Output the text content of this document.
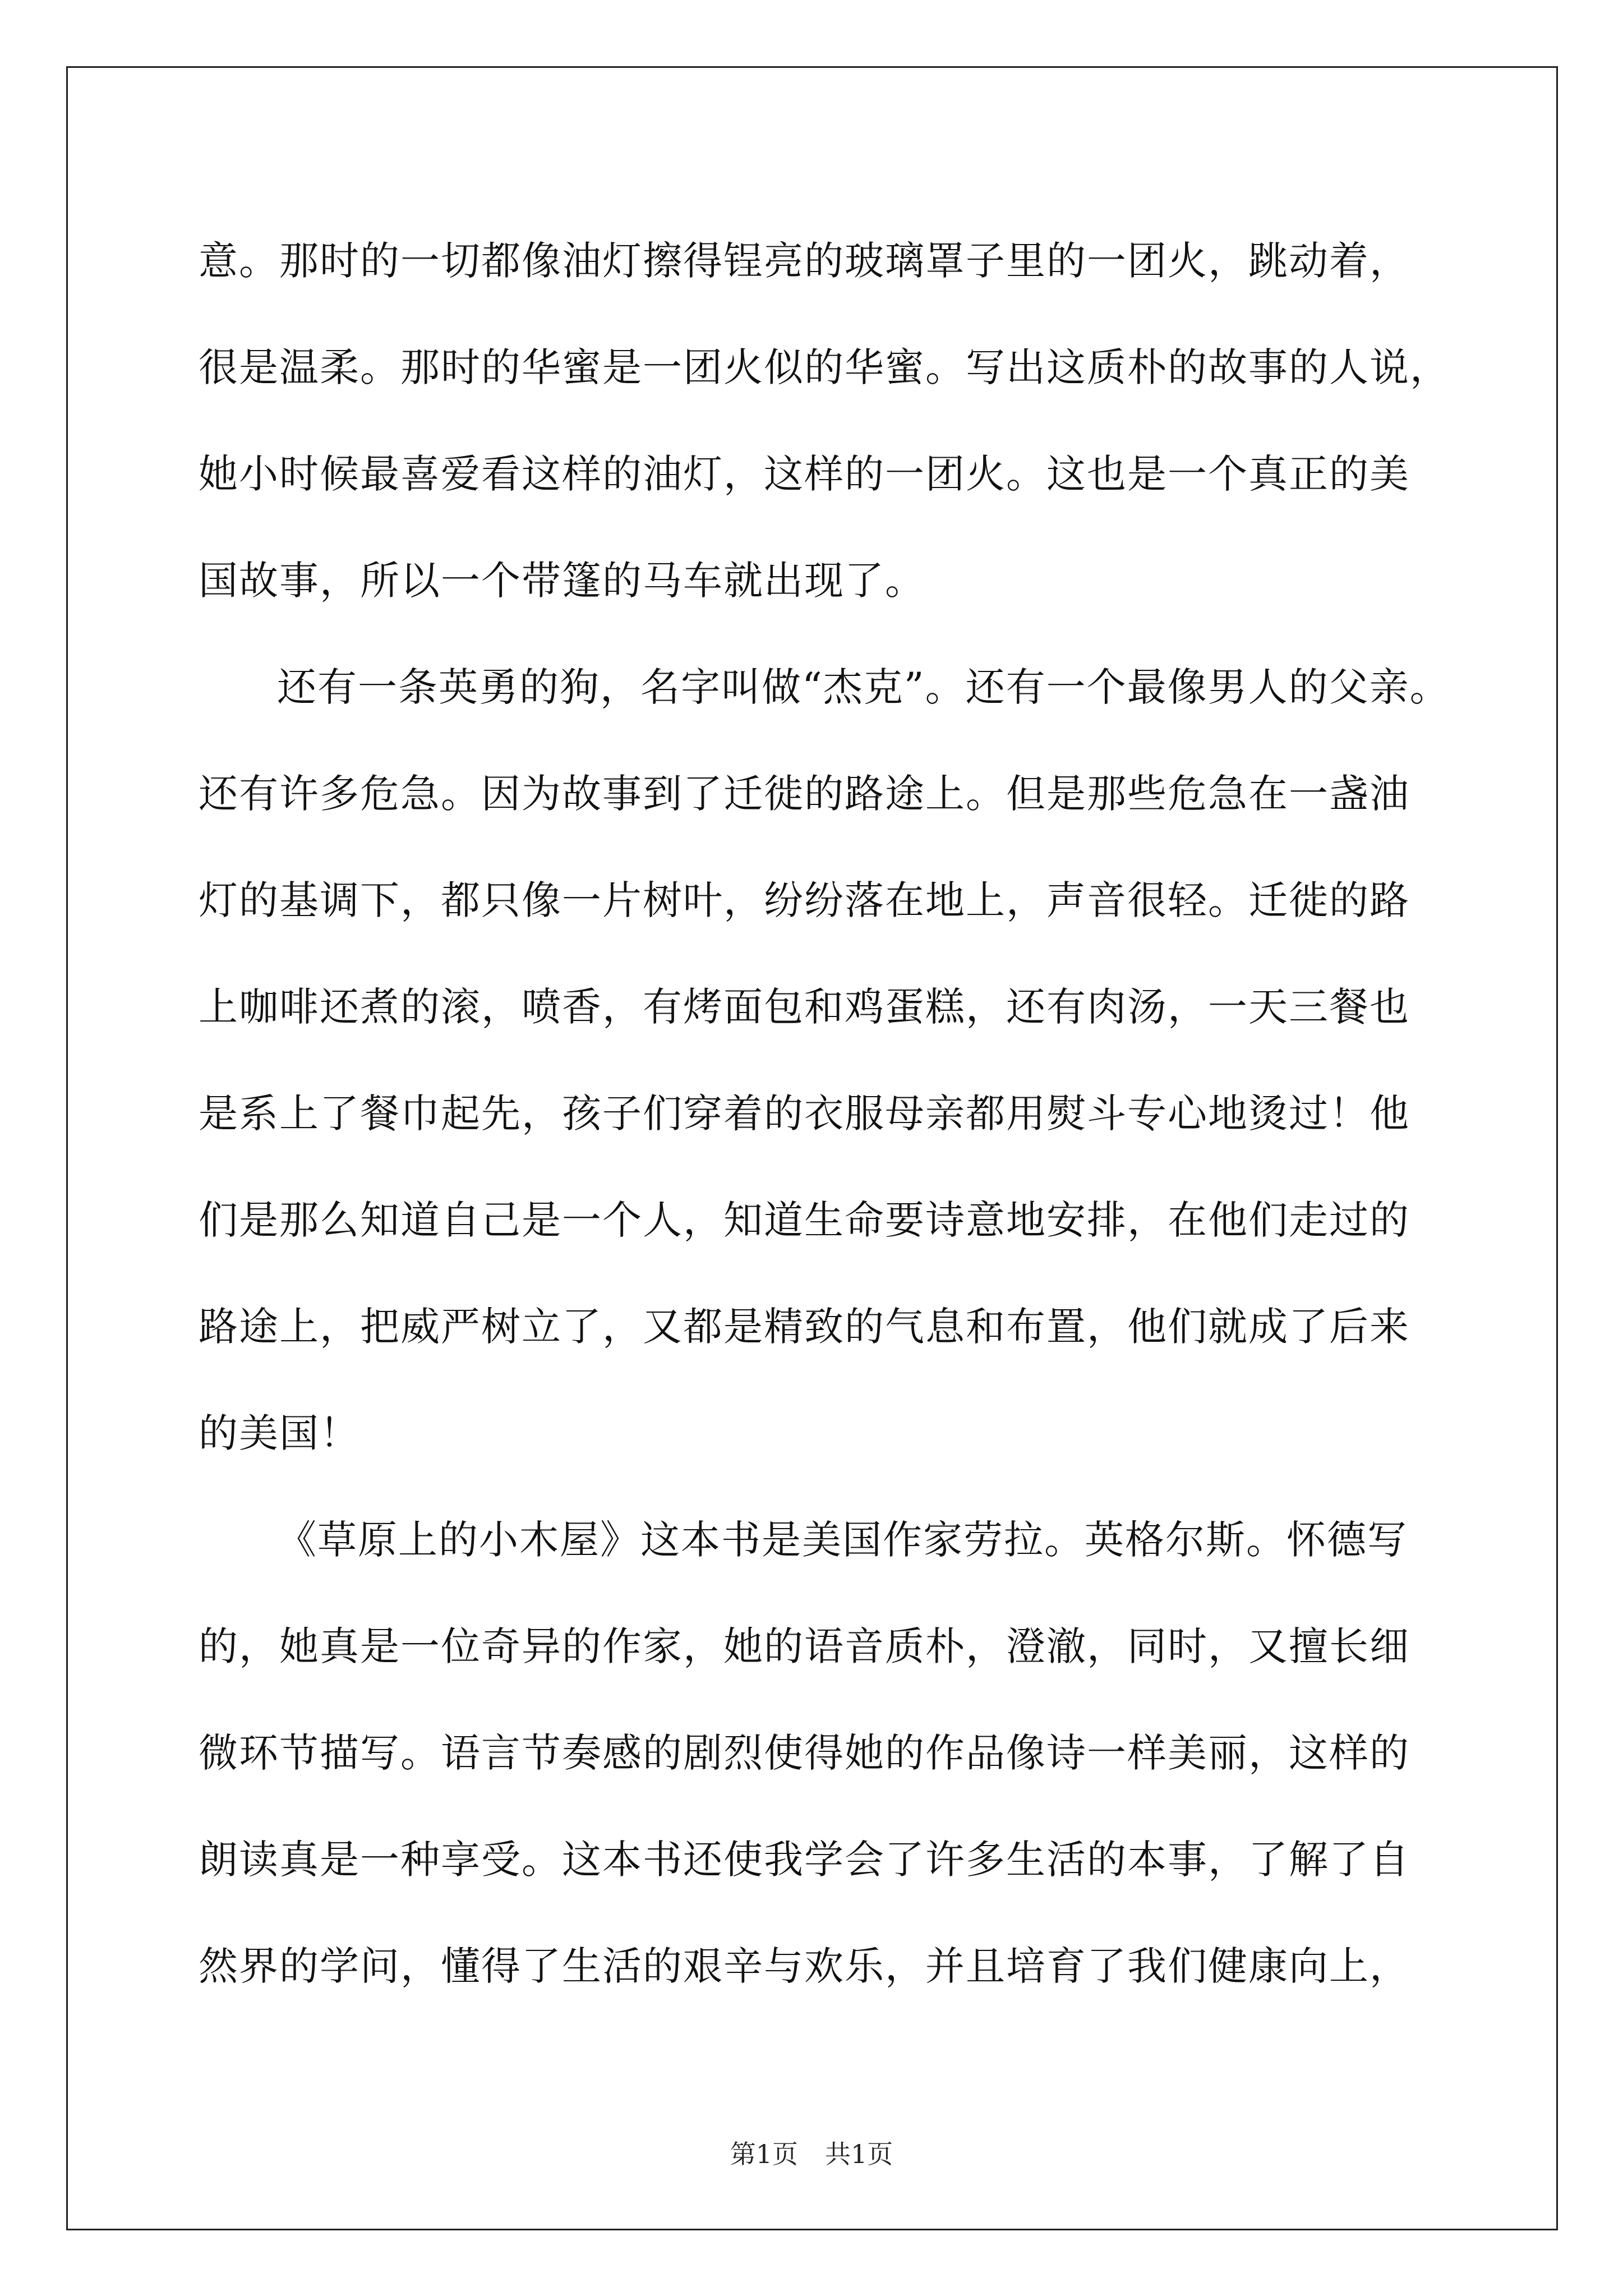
意。那时的一切都像油灯擦得锃亮的玻璃罩子里的一团火，跳动着，
很是温柔。那时的华蜜是一团火似的华蜜。写出这质朴的故事的人说，
她小时候最喜爱看这样的油灯，这样的一团火。这也是一个真正的美
国故事，所以一个带篷的马车就出现了。
还有一条英勇的狗，名字叫做“杰克”。还有一个最像男人的父亲。
还有许多危急。因为故事到了迁徙的路途上。但是那些危急在一盏油
灯的基调下，都只像一片树叶，纷纷落在地上，声音很轻。迁徙的路
上咖啡还煮的滚，喷香，有烤面包和鸡蛋糕，还有肉汤，一天三餐也
是系上了餐巾起先，孩子们穿着的衣服母亲都用熨斗专心地烫过！他
们是那么知道自己是一个人，知道生命要诗意地安排，在他们走过的
路途上，把威严树立了，又都是精致的气息和布置，他们就成了后来
的美国！
《草原上的小木屋》这本书是美国作家劳拉。英格尔斯。怀德写
的，她真是一位奇异的作家，她的语音质朴，澄澈，同时，又擅长细
微环节描写。语言节奏感的剧烈使得她的作品像诗一样美丽，这样的
朗读真是一种享受。这本书还使我学会了许多生活的本事，了解了自
然界的学问，懂得了生活的艰辛与欢乐，并且培育了我们健康向上，
第1页 共1页
